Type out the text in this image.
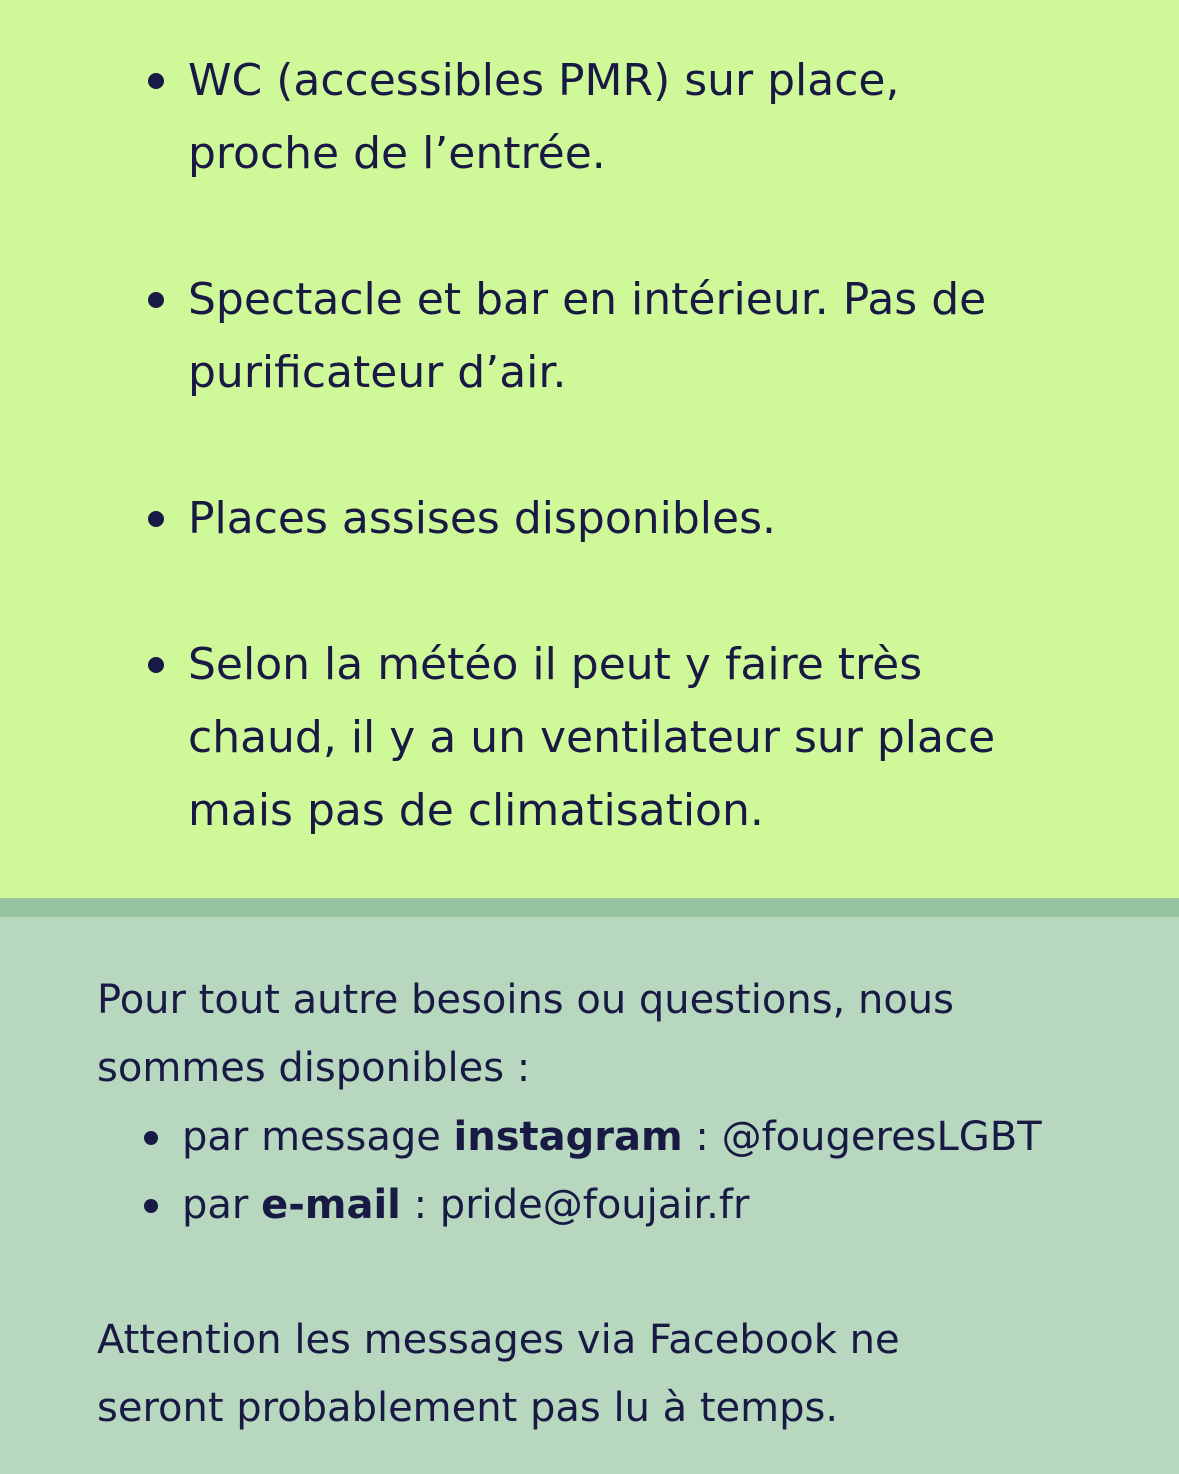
WC (accessibles PMR) sur place,
proche de l’entrée.
Spectacle et bar en intérieur. Pas de
purificateur d’air.
Places assises disponibles.
Selon la météo il peut y faire très
chaud, il y a un ventilateur sur place
mais pas de climatisation.

Pour tout autre besoins ou questions, nous
sommes disponibles :

par message instagram : @fougeresLGBT
par e-mail : pride@foujair.fr

Attention les messages via Facebook ne
seront probablement pas lu à temps.
